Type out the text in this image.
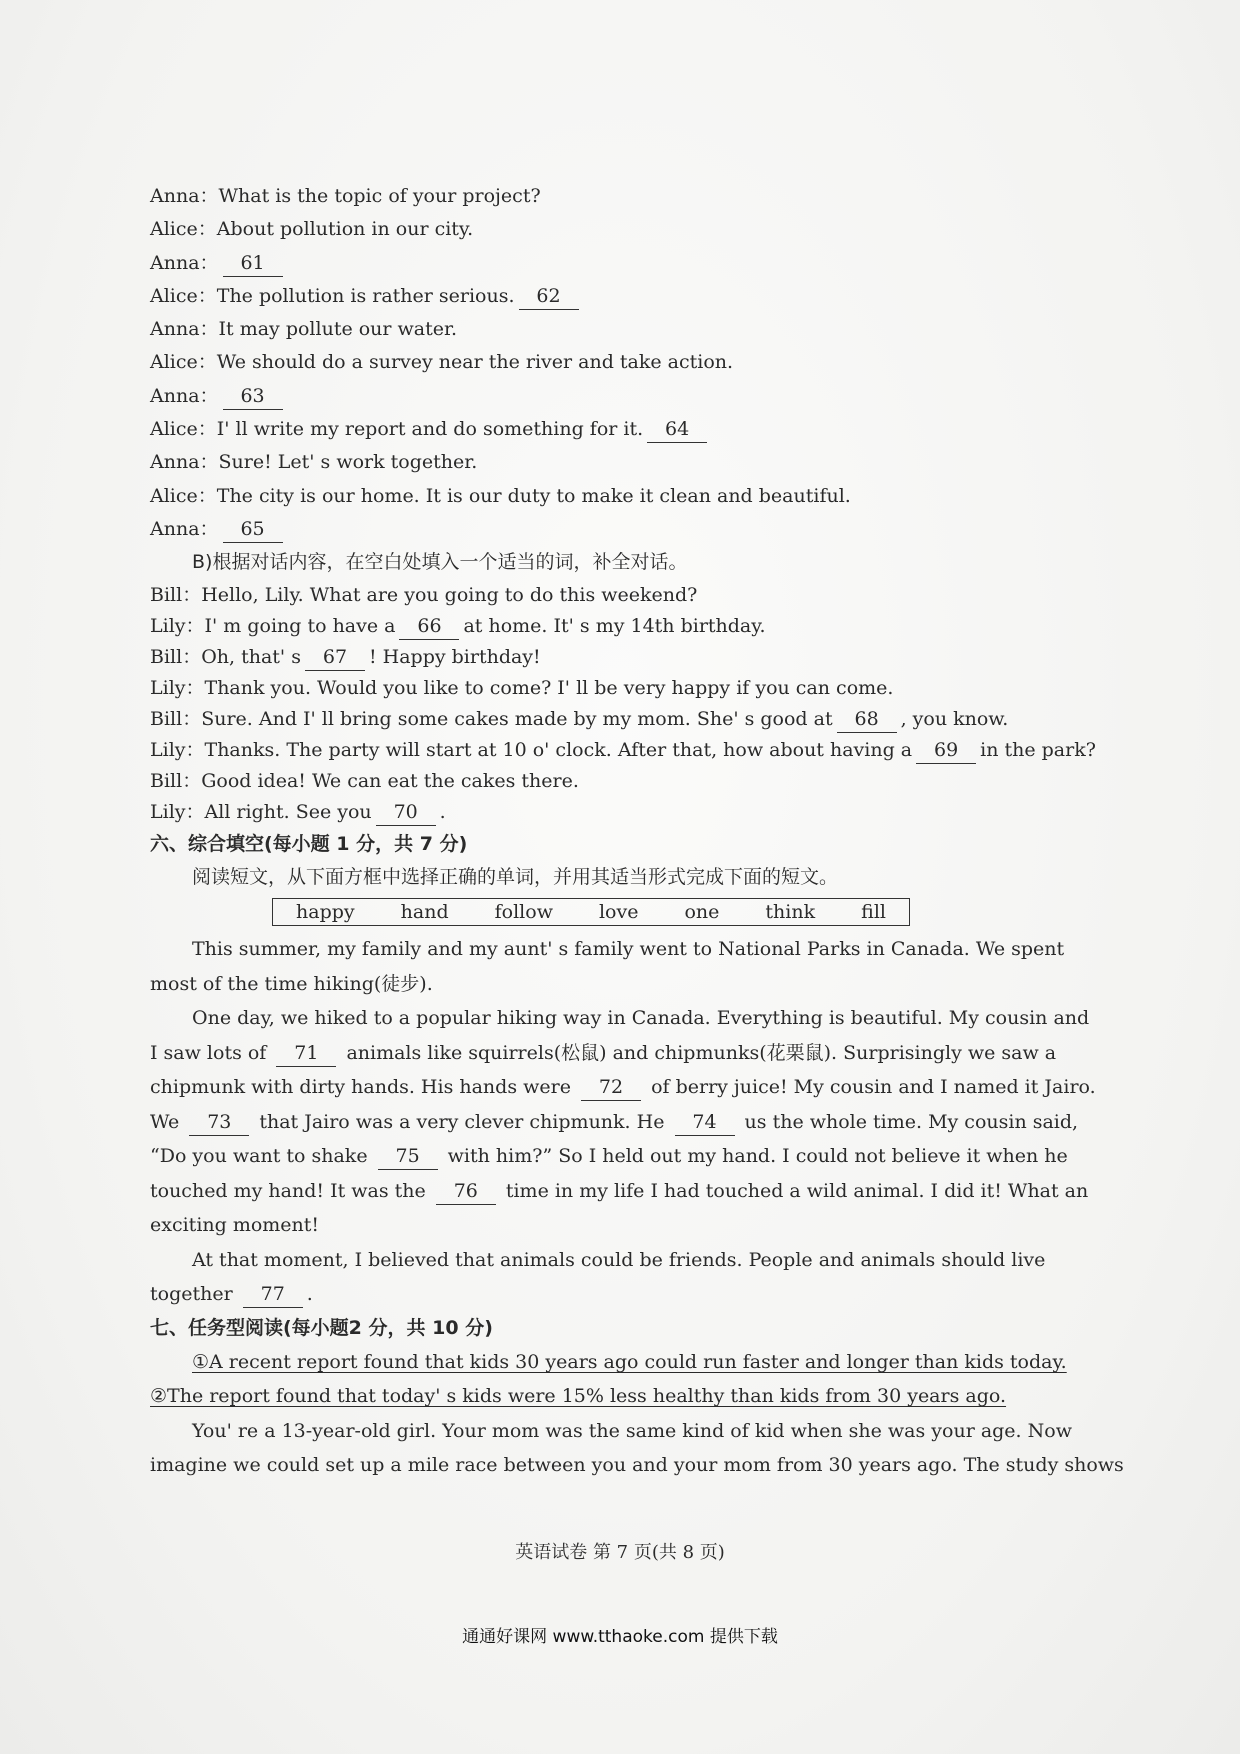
Anna：What is the topic of your project?
Alice：About pollution in our city.
Anna： 61
Alice：The pollution is rather serious. 62
Anna：It may pollute our water.
Alice：We should do a survey near the river and take action.
Anna： 63
Alice：I' ll write my report and do something for it. 64
Anna：Sure! Let' s work together.
Alice：The city is our home. It is our duty to make it clean and beautiful.
Anna： 65
B)根据对话内容，在空白处填入一个适当的词，补全对话。
Bill：Hello, Lily. What are you going to do this weekend?
Lily：I' m going to have a 66 at home. It' s my 14th birthday.
Bill：Oh, that' s 67 ! Happy birthday!
Lily：Thank you. Would you like to come? I' ll be very happy if you can come.
Bill：Sure. And I' ll bring some cakes made by my mom. She' s good at 68 , you know.
Lily：Thanks. The party will start at 10 o' clock. After that, how about having a 69 in the park?
Bill：Good idea! We can eat the cakes there.
Lily：All right. See you 70 .
六、综合填空(每小题 1 分，共 7 分)
阅读短文，从下面方框中选择正确的单词，并用其适当形式完成下面的短文。
happy hand follow love one think fill
This summer, my family and my aunt' s family went to National Parks in Canada. We spent
most of the time hiking(徒步).
One day, we hiked to a popular hiking way in Canada. Everything is beautiful. My cousin and
I saw lots of 71 animals like squirrels(松鼠) and chipmunks(花栗鼠). Surprisingly we saw a
chipmunk with dirty hands. His hands were 72 of berry juice! My cousin and I named it Jairo.
We 73 that Jairo was a very clever chipmunk. He 74 us the whole time. My cousin said,
“Do you want to shake 75 with him?” So I held out my hand. I could not believe it when he
touched my hand! It was the 76 time in my life I had touched a wild animal. I did it! What an
exciting moment!
At that moment, I believed that animals could be friends. People and animals should live
together 77 .
七、任务型阅读(每小题2 分，共 10 分)
①A recent report found that kids 30 years ago could run faster and longer than kids today.
②The report found that today' s kids were 15% less healthy than kids from 30 years ago.
You' re a 13-year-old girl. Your mom was the same kind of kid when she was your age. Now
imagine we could set up a mile race between you and your mom from 30 years ago. The study shows
英语试卷 第 7 页(共 8 页)
通通好课网 www.tthaoke.com 提供下载
